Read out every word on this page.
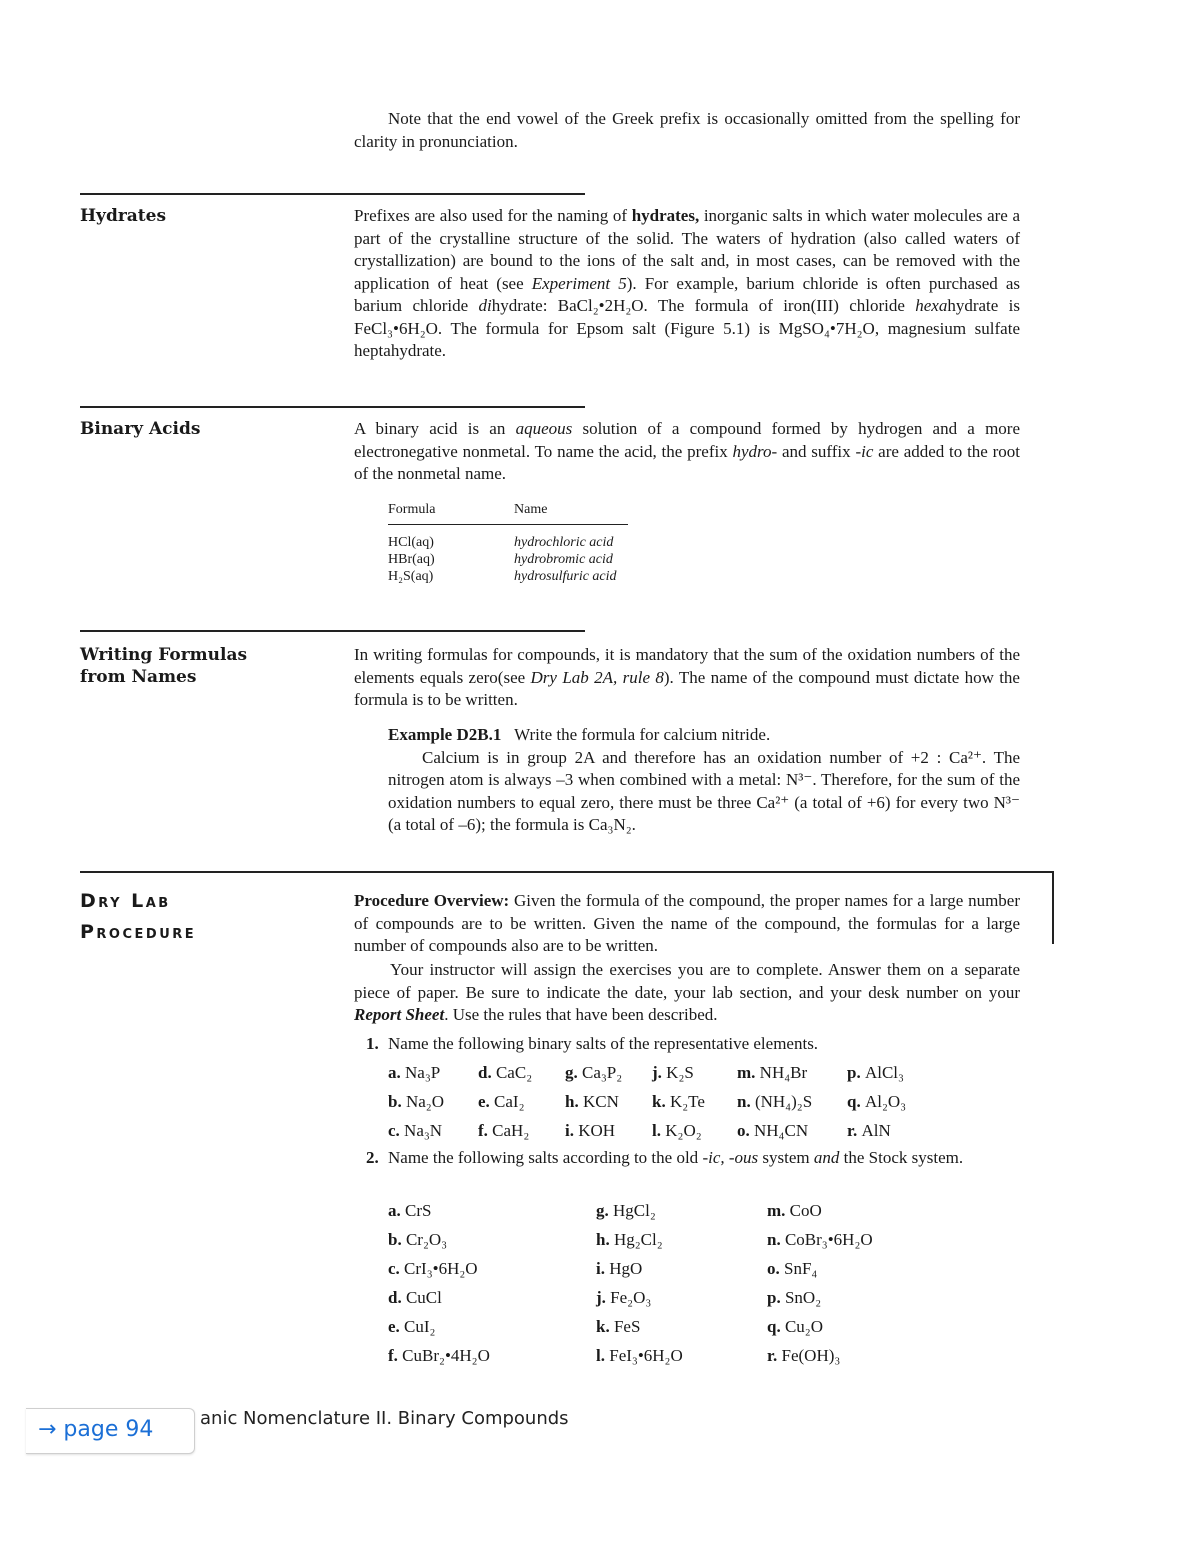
Note that the end vowel of the Greek prefix is occasionally omitted from the spelling for clarity in pronunciation.
Hydrates	Prefixes are also used for the naming of hydrates, inorganic salts in which water molecules are a part of the crystalline structure of the solid. The waters of hydration (also called waters of crystallization) are bound to the ions of the salt and, in most cases, can be removed with the application of heat (see Experiment 5). For example, barium chloride is often purchased as barium chloride dihydrate: BaCl₂•2H₂O. The formula of iron(III) chloride hexahydrate is FeCl₃•6H₂O. The formula for Epsom salt (Figure 5.1) is MgSO₄•7H₂O, magnesium sulfate heptahydrate.
Binary Acids	A binary acid is an aqueous solution of a compound formed by hydrogen and a more electronegative nonmetal. To name the acid, the prefix hydro- and suffix -ic are added to the root of the nonmetal name.
Formula	Name
HCl(aq)	hydrochloric acid
HBr(aq)	hydrobromic acid
H₂S(aq)	hydrosulfuric acid
Writing Formulas
from Names
In writing formulas for compounds, it is mandatory that the sum of the oxidation numbers of the elements equals zero(see Dry Lab 2A, rule 8). The name of the compound must dictate how the formula is to be written.
Example D2B.1 Write the formula for calcium nitride.
Calcium is in group 2A and therefore has an oxidation number of +2 : Ca²⁺. The nitrogen atom is always –3 when combined with a metal: N³⁻. Therefore, for the sum of the oxidation numbers to equal zero, there must be three Ca²⁺ (a total of +6) for every two N³⁻ (a total of –6); the formula is Ca₃N₂.
Dry Lab
Procedure
Procedure Overview: Given the formula of the compound, the proper names for a large number of compounds are to be written. Given the name of the compound, the formulas for a large number of compounds also are to be written.
Your instructor will assign the exercises you are to complete. Answer them on a separate piece of paper. Be sure to indicate the date, your lab section, and your desk number on your Report Sheet. Use the rules that have been described.
1. Name the following binary salts of the representative elements.
a. Na₃P d. CaC₂ g. Ca₃P₂ j. K₂S	m. NH₄Br p. AlCl₃
b. Na₂O e. CaI₂ h. KCN k. K₂Te n. (NH₄)₂S q. Al₂O₃
c. Na₃N f. CaH₂ i. KOH l. K₂O₂ o. NH₄CN r. AlN
2. Name the following salts according to the old -ic, -ous system and the Stock system.
a. CrS	g. HgCl₂	m. CoO
b. Cr₂O₃	h. Hg₂Cl₂	n. CoBr₃•6H₂O
c. CrI₃•6H₂O	i. HgO	o. SnF₄
d. CuCl	j. Fe₂O₃	p. SnO₂
e. CuI₂	k. FeS	q. Cu₂O
f. CuBr₂•4H₂O	l. FeI₃•6H₂O	r. Fe(OH)₃
→ page 94	anic Nomenclature II. Binary Compounds
